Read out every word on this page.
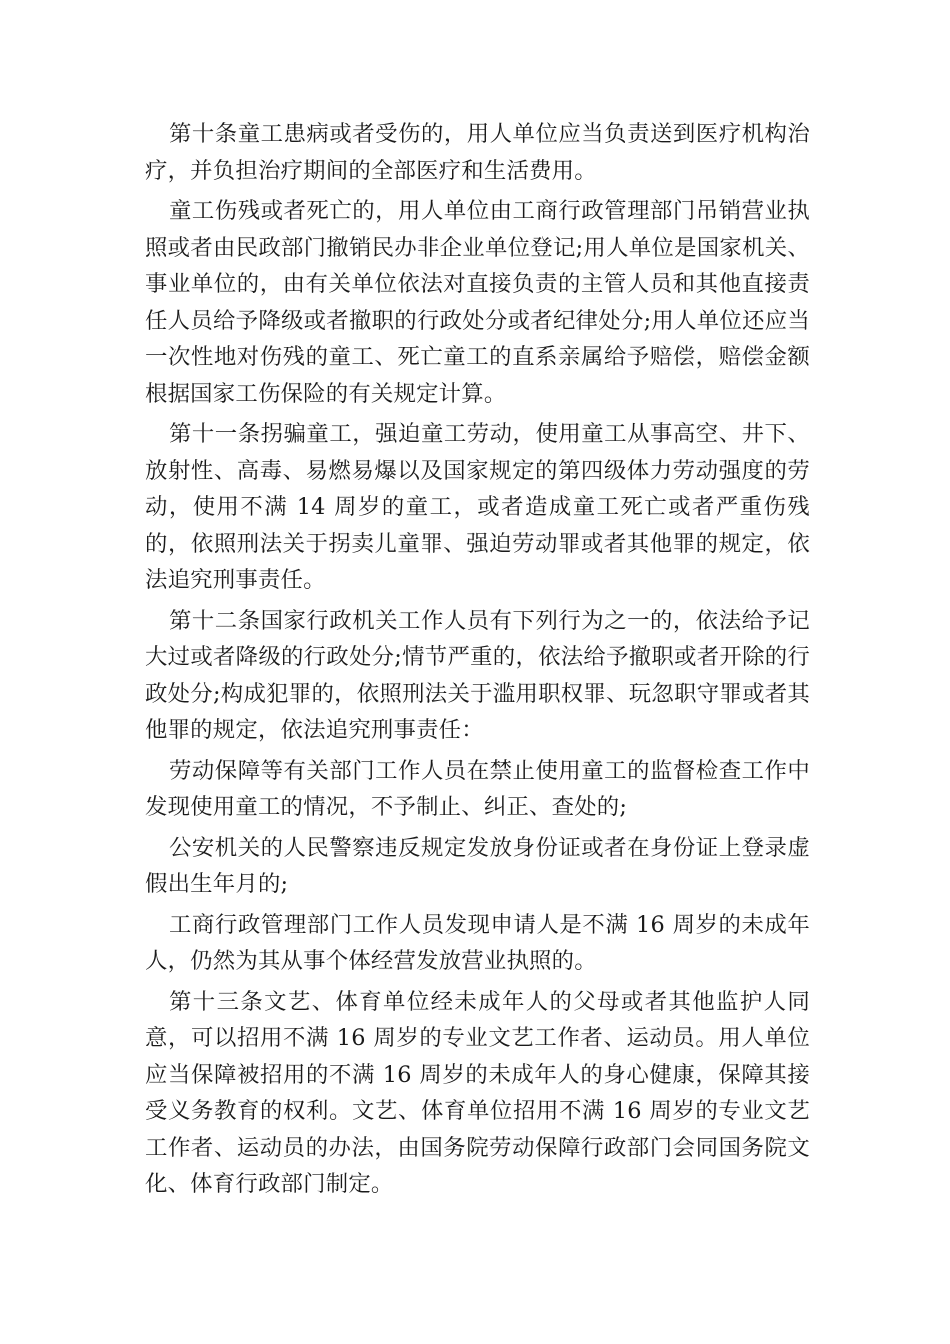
第十条童工患病或者受伤的，用人单位应当负责送到医疗机构治疗，并负担治疗期间的全部医疗和生活费用。

童工伤残或者死亡的，用人单位由工商行政管理部门吊销营业执照或者由民政部门撤销民办非企业单位登记;用人单位是国家机关、事业单位的，由有关单位依法对直接负责的主管人员和其他直接责任人员给予降级或者撤职的行政处分或者纪律处分;用人单位还应当一次性地对伤残的童工、死亡童工的直系亲属给予赔偿，赔偿金额根据国家工伤保险的有关规定计算。

第十一条拐骗童工，强迫童工劳动，使用童工从事高空、井下、放射性、高毒、易燃易爆以及国家规定的第四级体力劳动强度的劳动，使用不满 14 周岁的童工，或者造成童工死亡或者严重伤残的，依照刑法关于拐卖儿童罪、强迫劳动罪或者其他罪的规定，依法追究刑事责任。

第十二条国家行政机关工作人员有下列行为之一的，依法给予记大过或者降级的行政处分;情节严重的，依法给予撤职或者开除的行政处分;构成犯罪的，依照刑法关于滥用职权罪、玩忽职守罪或者其他罪的规定，依法追究刑事责任：

劳动保障等有关部门工作人员在禁止使用童工的监督检查工作中发现使用童工的情况，不予制止、纠正、查处的;

公安机关的人民警察违反规定发放身份证或者在身份证上登录虚假出生年月的;

工商行政管理部门工作人员发现申请人是不满 16 周岁的未成年人，仍然为其从事个体经营发放营业执照的。

第十三条文艺、体育单位经未成年人的父母或者其他监护人同意，可以招用不满 16 周岁的专业文艺工作者、运动员。用人单位应当保障被招用的不满 16 周岁的未成年人的身心健康，保障其接受义务教育的权利。文艺、体育单位招用不满 16 周岁的专业文艺工作者、运动员的办法，由国务院劳动保障行政部门会同国务院文化、体育行政部门制定。
